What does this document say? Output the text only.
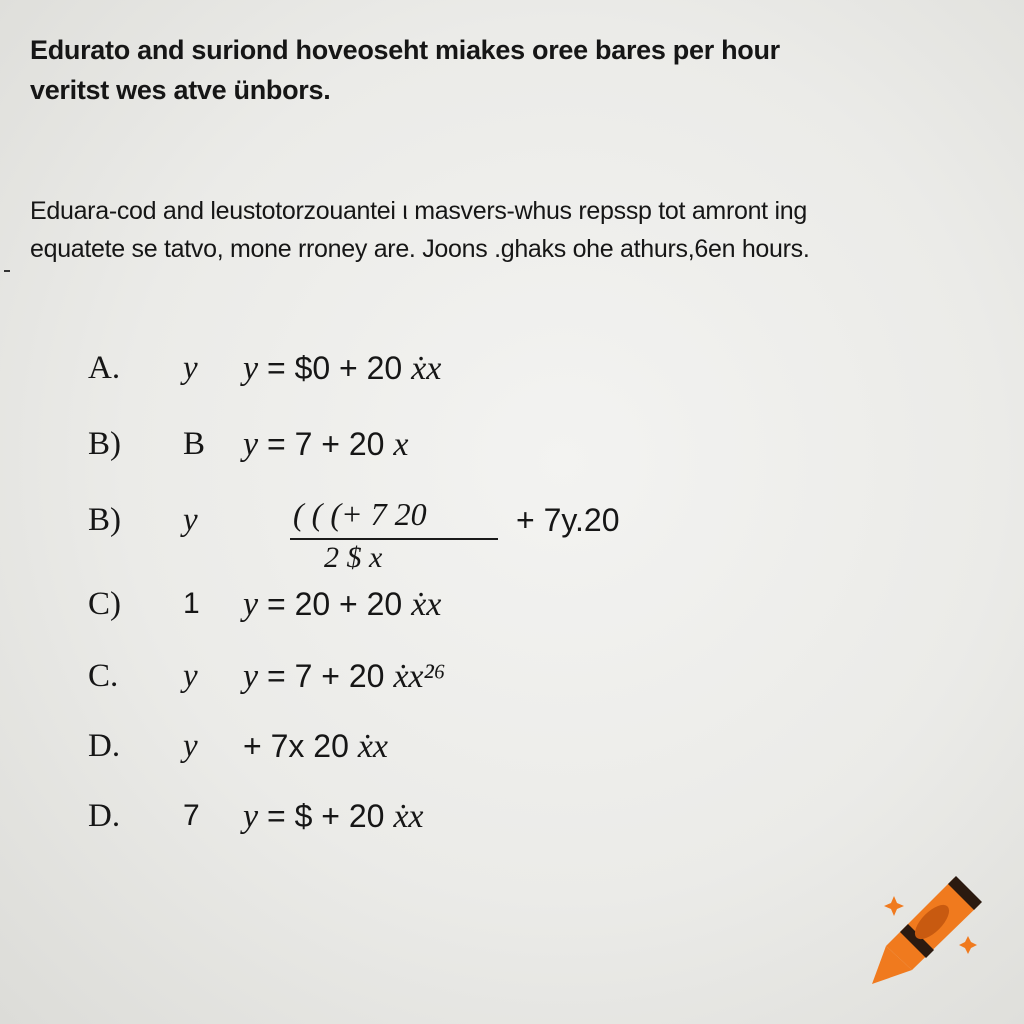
Edurato and suriond hoveoseht miakes oree bares per hour
veritst wes atve ünbors.
Eduara-cod and leustotorzouantei ι masvers-whus repssp tot amront ing
equatete se tatvo, mone rroney are. Joons .ghaks ohe athurs,6en hours.
A. y y = $0 + 20 ẋx
B) B y = 7 + 20 x
B) y	( ( (+ 7 20
2 $ x
+ 7y.20
C) 1 y = 20 + 20 ẋx
C. y y = 7 + 20 ẋx²⁶
D. y + 7x 20 ẋx
D. 7 y = $ + 20 ẋx
